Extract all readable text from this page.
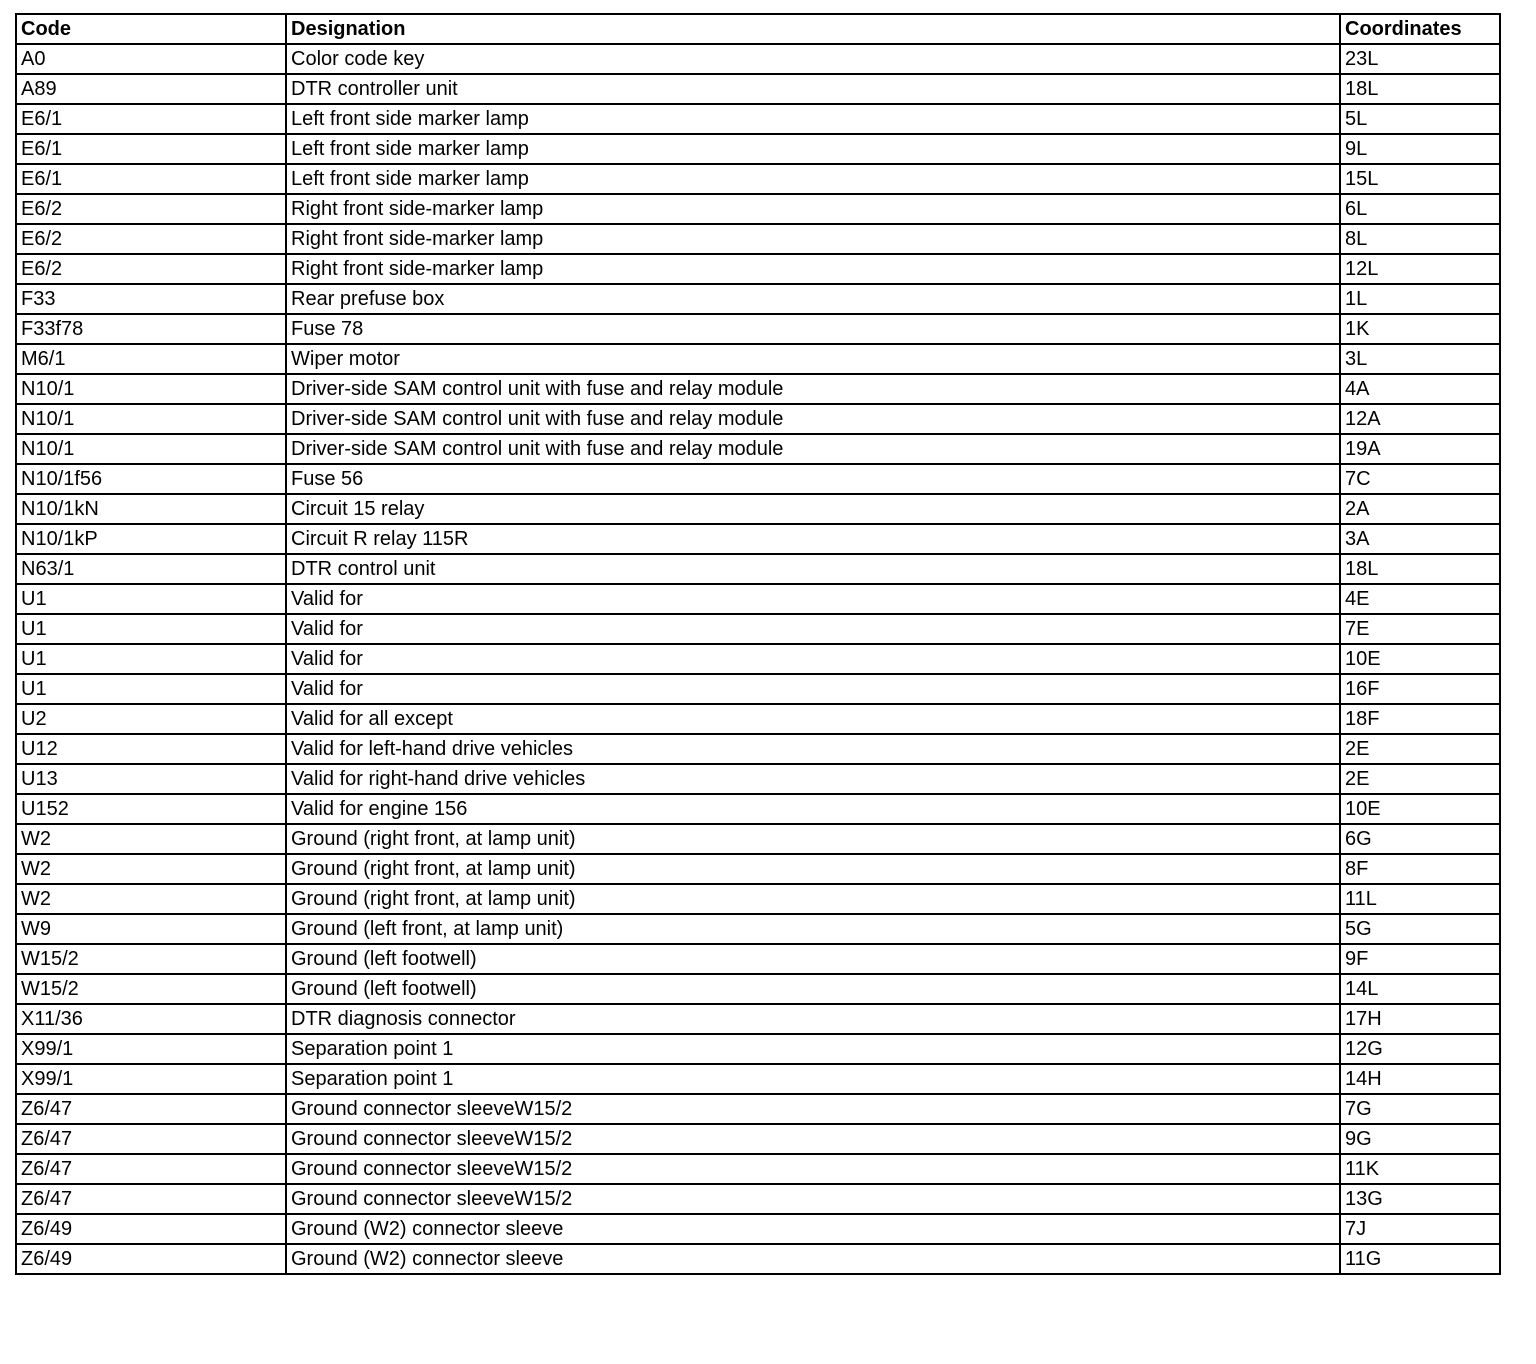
Code	Designation	Coordinates
A0	Color code key	23L
A89	DTR controller unit	18L
E6/1	Left front side marker lamp	5L
E6/1	Left front side marker lamp	9L
E6/1	Left front side marker lamp	15L
E6/2	Right front side-marker lamp	6L
E6/2	Right front side-marker lamp	8L
E6/2	Right front side-marker lamp	12L
F33	Rear prefuse box	1L
F33f78	Fuse 78	1K
M6/1	Wiper motor	3L
N10/1	Driver-side SAM control unit with fuse and relay module	4A
N10/1	Driver-side SAM control unit with fuse and relay module	12A
N10/1	Driver-side SAM control unit with fuse and relay module	19A
N10/1f56	Fuse 56	7C
N10/1kN	Circuit 15 relay	2A
N10/1kP	Circuit R relay 115R	3A
N63/1	DTR control unit	18L
U1	Valid for	4E
U1	Valid for	7E
U1	Valid for	10E
U1	Valid for	16F
U2	Valid for all except	18F
U12	Valid for left-hand drive vehicles	2E
U13	Valid for right-hand drive vehicles	2E
U152	Valid for engine 156	10E
W2	Ground (right front, at lamp unit)	6G
W2	Ground (right front, at lamp unit)	8F
W2	Ground (right front, at lamp unit)	11L
W9	Ground (left front, at lamp unit)	5G
W15/2	Ground (left footwell)	9F
W15/2	Ground (left footwell)	14L
X11/36	DTR diagnosis connector	17H
X99/1	Separation point 1	12G
X99/1	Separation point 1	14H
Z6/47	Ground connector sleeveW15/2	7G
Z6/47	Ground connector sleeveW15/2	9G
Z6/47	Ground connector sleeveW15/2	11K
Z6/47	Ground connector sleeveW15/2	13G
Z6/49	Ground (W2) connector sleeve	7J
Z6/49	Ground (W2) connector sleeve	11G
